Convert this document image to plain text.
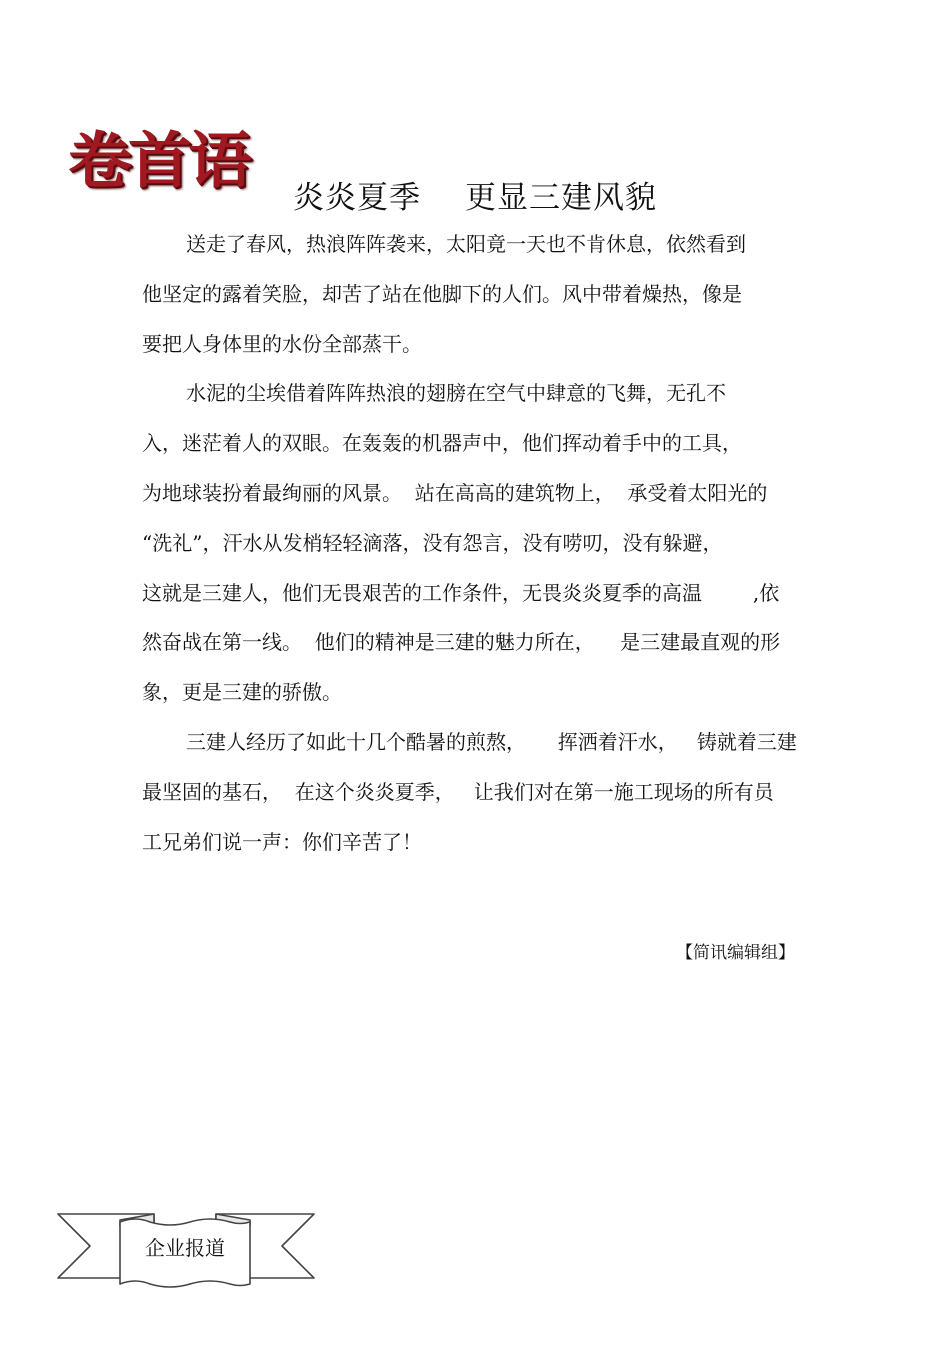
卷首语
炎炎夏季 更显三建风貌
送走了春风，热浪阵阵袭来，太阳竟一天也不肯休息，依然看到
他坚定的露着笑脸，却苦了站在他脚下的人们。风中带着燥热，像是
要把人身体里的水份全部蒸干。
水泥的尘埃借着阵阵热浪的翅膀在空气中肆意的飞舞，无孔不
入，迷茫着人的双眼。在轰轰的机器声中，他们挥动着手中的工具，
为地球装扮着最绚丽的风景。  站在高高的建筑物上，  承受着太阳光的
“洗礼”，汗水从发梢轻轻滴落，没有怨言，没有唠叨，没有躲避，
这就是三建人，他们无畏艰苦的工作条件，无畏炎炎夏季的高温        ,依
然奋战在第一线。  他们的精神是三建的魅力所在，    是三建最直观的形
象，更是三建的骄傲。
三建人经历了如此十几个酷暑的煎熬，     挥洒着汗水，   铸就着三建
最坚固的基石，  在这个炎炎夏季，   让我们对在第一施工现场的所有员
工兄弟们说一声：你们辛苦了！
【简讯编辑组】
企业报道
